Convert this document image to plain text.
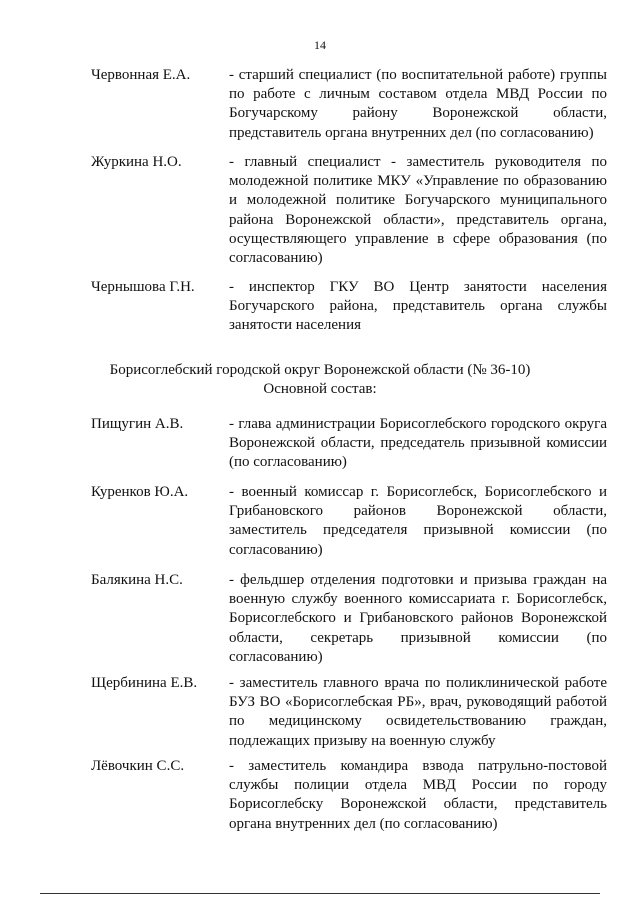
14
Червонная Е.А.	- старший специалист (по воспитательной работе) группы по работе с личным составом отдела МВД России по Богучарскому району Воронежской области, представитель органа внутренних дел (по согласованию)
Журкина Н.О.	- главный специалист - заместитель руководителя по молодежной политике МКУ «Управление по образованию и молодежной политике Богучарского муниципального района Воронежской области», представитель органа, осуществляющего управление в сфере образования (по согласованию)
Чернышова Г.Н. - инспектор ГКУ ВО Центр занятости населения Богучарского района, представитель органа службы занятости населения
Борисоглебский городской округ Воронежской области (№ 36-10)
Основной состав:
Пищугин А.В.	- глава администрации Борисоглебского городского округа Воронежской области, председатель призывной комиссии (по согласованию)
Куренков Ю.А.	- военный комиссар г. Борисоглебск, Борисоглебского и Грибановского районов Воронежской области, заместитель председателя призывной комиссии (по согласованию)
Балякина Н.С.	- фельдшер отделения подготовки и призыва граждан на военную службу военного комиссариата г. Борисоглебск, Борисоглебского и Грибановского районов Воронежской области, секретарь призывной комиссии (по согласованию)
Щербинина Е.В. - заместитель главного врача по поликлинической работе БУЗ ВО «Борисоглебская РБ», врач, руководящий работой по медицинскому освидетельствованию граждан, подлежащих призыву на военную службу
Лёвочкин С.С.	- заместитель командира взвода патрульно-постовой службы полиции отдела МВД России по городу Борисоглебску Воронежской области, представитель органа внутренних дел (по согласованию)
